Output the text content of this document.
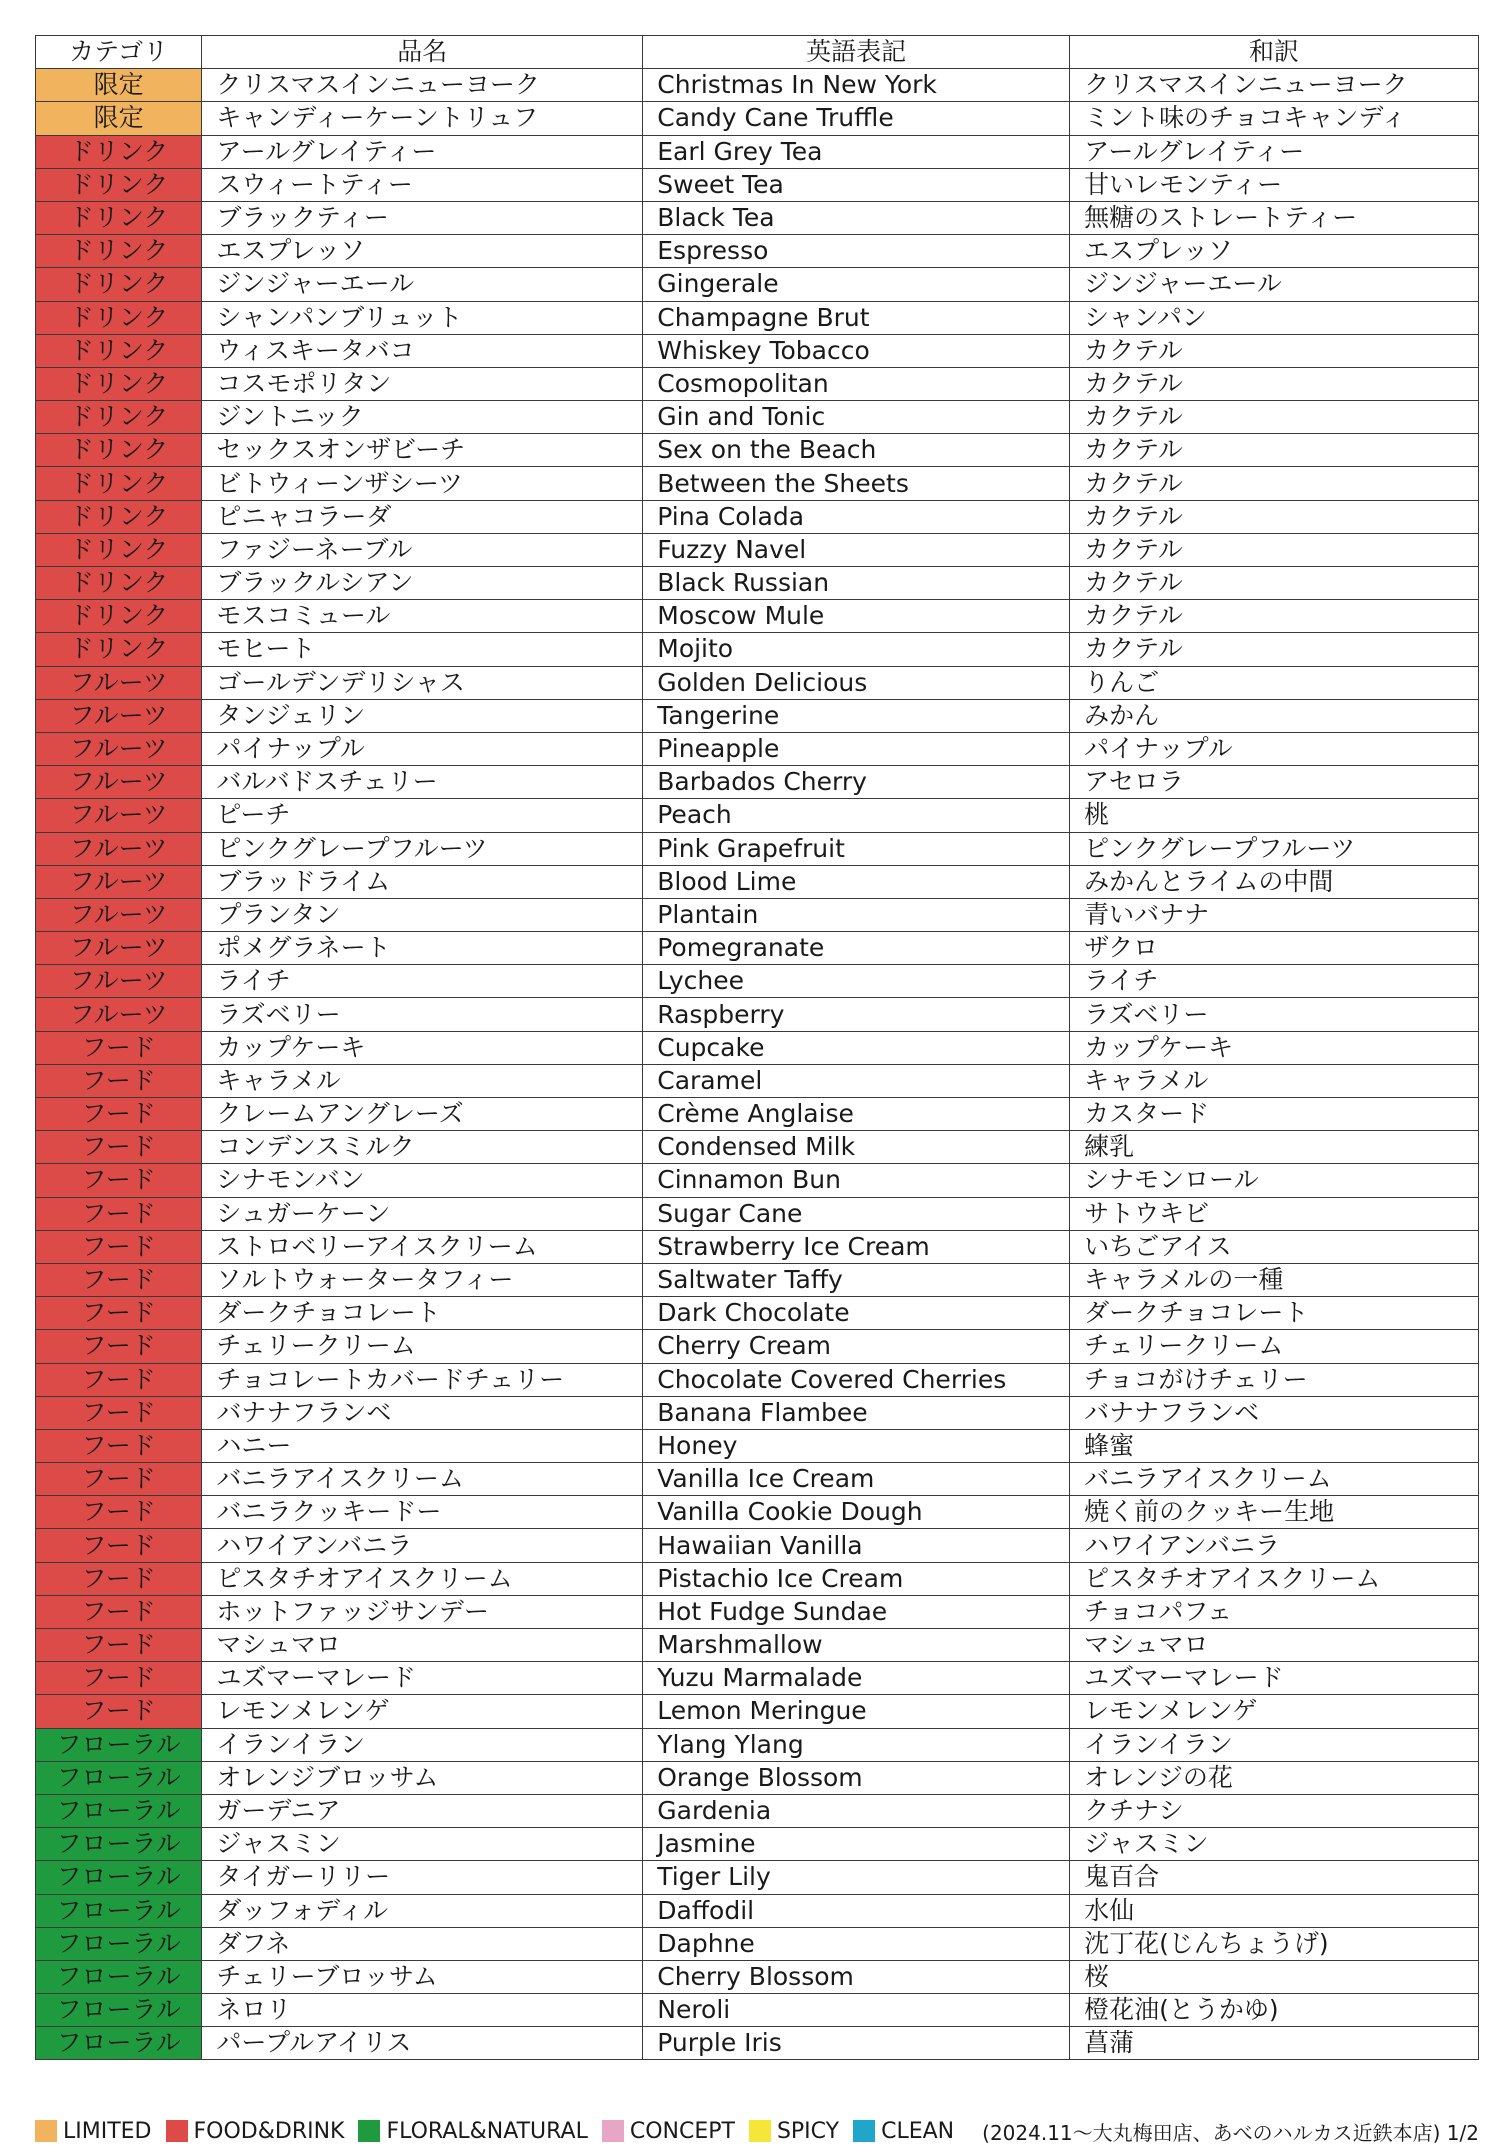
カテゴリ	品名	英語表記	和訳
限定	クリスマスインニューヨーク	Christmas In New York	クリスマスインニューヨーク
限定	キャンディーケーントリュフ	Candy Cane Truffle	ミント味のチョコキャンディ
ドリンク	アールグレイティー	Earl Grey Tea	アールグレイティー
ドリンク	スウィートティー	Sweet Tea	甘いレモンティー
ドリンク	ブラックティー	Black Tea	無糖のストレートティー
ドリンク	エスプレッソ	Espresso	エスプレッソ
ドリンク	ジンジャーエール	Gingerale	ジンジャーエール
ドリンク	シャンパンブリュット	Champagne Brut	シャンパン
ドリンク	ウィスキータバコ	Whiskey Tobacco	カクテル
ドリンク	コスモポリタン	Cosmopolitan	カクテル
ドリンク	ジントニック	Gin and Tonic	カクテル
ドリンク	セックスオンザビーチ	Sex on the Beach	カクテル
ドリンク	ビトウィーンザシーツ	Between the Sheets	カクテル
ドリンク	ピニャコラーダ	Pina Colada	カクテル
ドリンク	ファジーネーブル	Fuzzy Navel	カクテル
ドリンク	ブラックルシアン	Black Russian	カクテル
ドリンク	モスコミュール	Moscow Mule	カクテル
ドリンク	モヒート	Mojito	カクテル
フルーツ	ゴールデンデリシャス	Golden Delicious	りんご
フルーツ	タンジェリン	Tangerine	みかん
フルーツ	パイナップル	Pineapple	パイナップル
フルーツ	バルバドスチェリー	Barbados Cherry	アセロラ
フルーツ	ピーチ	Peach	桃
フルーツ	ピンクグレープフルーツ	Pink Grapefruit	ピンクグレープフルーツ
フルーツ	ブラッドライム	Blood Lime	みかんとライムの中間
フルーツ	プランタン	Plantain	青いバナナ
フルーツ	ポメグラネート	Pomegranate	ザクロ
フルーツ	ライチ	Lychee	ライチ
フルーツ	ラズベリー	Raspberry	ラズベリー
フード	カップケーキ	Cupcake	カップケーキ
フード	キャラメル	Caramel	キャラメル
フード	クレームアングレーズ	Crème Anglaise	カスタード
フード	コンデンスミルク	Condensed Milk	練乳
フード	シナモンバン	Cinnamon Bun	シナモンロール
フード	シュガーケーン	Sugar Cane	サトウキビ
フード	ストロベリーアイスクリーム	Strawberry Ice Cream	いちごアイス
フード	ソルトウォータータフィー	Saltwater Taffy	キャラメルの一種
フード	ダークチョコレート	Dark Chocolate	ダークチョコレート
フード	チェリークリーム	Cherry Cream	チェリークリーム
フード	チョコレートカバードチェリー	Chocolate Covered Cherries	チョコがけチェリー
フード	バナナフランベ	Banana Flambee	バナナフランベ
フード	ハニー	Honey	蜂蜜
フード	バニラアイスクリーム	Vanilla Ice Cream	バニラアイスクリーム
フード	バニラクッキードー	Vanilla Cookie Dough	焼く前のクッキー生地
フード	ハワイアンバニラ	Hawaiian Vanilla	ハワイアンバニラ
フード	ピスタチオアイスクリーム	Pistachio Ice Cream	ピスタチオアイスクリーム
フード	ホットファッジサンデー	Hot Fudge Sundae	チョコパフェ
フード	マシュマロ	Marshmallow	マシュマロ
フード	ユズマーマレード	Yuzu Marmalade	ユズマーマレード
フード	レモンメレンゲ	Lemon Meringue	レモンメレンゲ
フローラル	イランイラン	Ylang Ylang	イランイラン
フローラル	オレンジブロッサム	Orange Blossom	オレンジの花
フローラル	ガーデニア	Gardenia	クチナシ
フローラル	ジャスミン	Jasmine	ジャスミン
フローラル	タイガーリリー	Tiger Lily	鬼百合
フローラル	ダッフォディル	Daffodil	水仙
フローラル	ダフネ	Daphne	沈丁花(じんちょうげ)
フローラル	チェリーブロッサム	Cherry Blossom	桜
フローラル	ネロリ	Neroli	橙花油(とうかゆ)
フローラル	パープルアイリス	Purple Iris	菖蒲
LIMITED FOOD&DRINK FLORAL&NATURAL CONCEPT SPICY CLEAN (2024.11～大丸梅田店、あべのハルカス近鉄本店) 1/2
